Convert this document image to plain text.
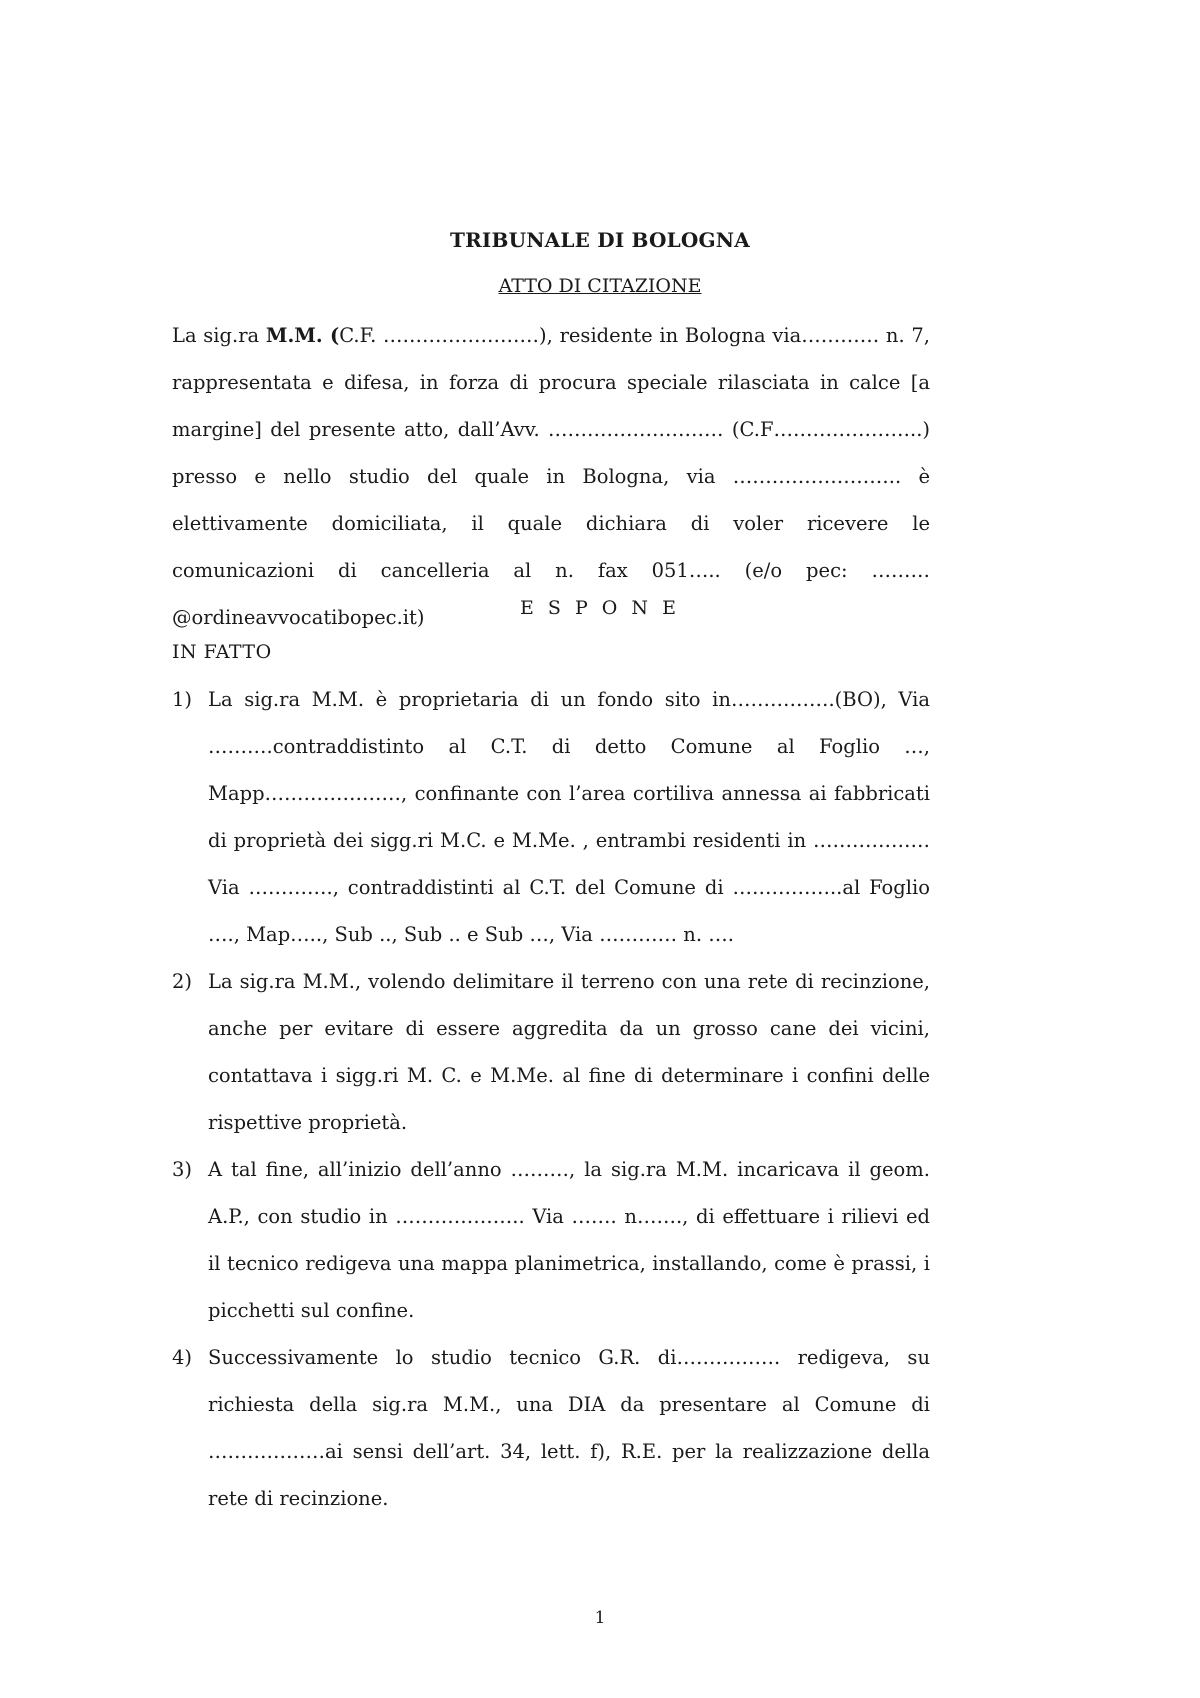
TRIBUNALE DI BOLOGNA
ATTO DI CITAZIONE

La sig.ra M.M. (C.F. ……………………), residente in Bologna via………… n. 7, rappresentata e difesa, in forza di procura speciale rilasciata in calce [a margine] del presente atto, dall’Avv. ……………………… (C.F…………………..) presso e nello studio del quale in Bologna, via …………………….. è elettivamente domiciliata, il quale dichiara di voler ricevere le comunicazioni di cancelleria al n. fax 051….. (e/o pec: ………@ordineavvocatibopec.it)	E S P O N E
IN FATTO
1) La sig.ra M.M. è proprietaria di un fondo sito in…………….(BO), Via ……….contraddistinto al C.T. di detto Comune al Foglio …, Mapp…………………, confinante con l’area cortiliva annessa ai fabbricati di proprietà dei sigg.ri M.C. e M.Me. , entrambi residenti in ……………… Via …………., contraddistinti al C.T. del Comune di ……………..al Foglio …., Map….., Sub .., Sub .. e Sub …, Via ………… n. ….
2) La sig.ra M.M., volendo delimitare il terreno con una rete di recinzione, anche per evitare di essere aggredita da un grosso cane dei vicini, contattava i sigg.ri M. C. e M.Me. al fine di determinare i confini delle rispettive proprietà.
3) A tal fine, all’inizio dell’anno ………, la sig.ra M.M. incaricava il geom. A.P., con studio in ……………….. Via ……. n……., di effettuare i rilievi ed il tecnico redigeva una mappa planimetrica, installando, come è prassi, i picchetti sul confine.
4) Successivamente lo studio tecnico G.R. di……………. redigeva, su richiesta della sig.ra M.M., una DIA da presentare al Comune di ………………ai sensi dell’art. 34, lett. f), R.E. per la realizzazione della rete di recinzione.
1
